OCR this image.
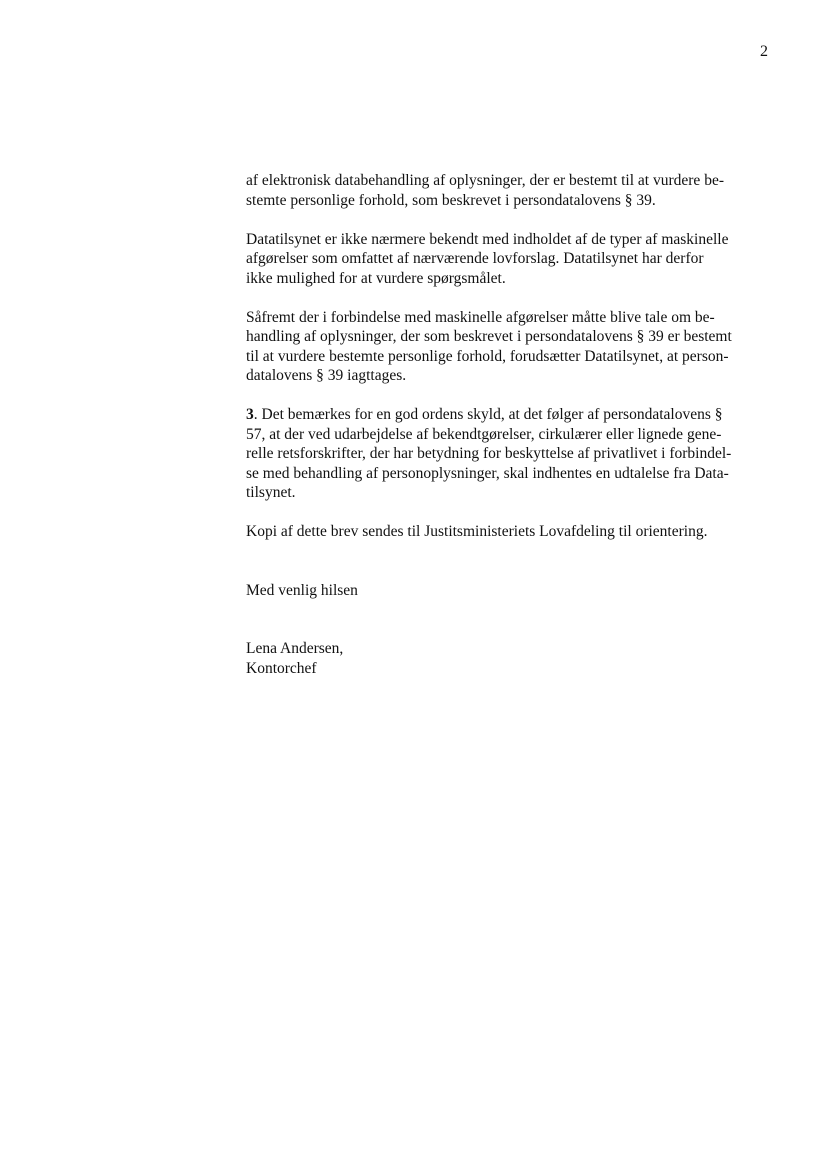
2
af elektronisk databehandling af oplysninger, der er bestemt til at vurdere be-
stemte personlige forhold, som beskrevet i persondatalovens § 39.
Datatilsynet er ikke nærmere bekendt med indholdet af de typer af maskinelle
afgørelser som omfattet af nærværende lovforslag. Datatilsynet har derfor
ikke mulighed for at vurdere spørgsmålet.
Såfremt der i forbindelse med maskinelle afgørelser måtte blive tale om be-
handling af oplysninger, der som beskrevet i persondatalovens § 39 er bestemt
til at vurdere bestemte personlige forhold, forudsætter Datatilsynet, at person-
datalovens § 39 iagttages.
3. Det bemærkes for en god ordens skyld, at det følger af persondatalovens §
57, at der ved udarbejdelse af bekendtgørelser, cirkulærer eller lignede gene-
relle retsforskrifter, der har betydning for beskyttelse af privatlivet i forbindel-
se med behandling af personoplysninger, skal indhentes en udtalelse fra Data-
tilsynet.
Kopi af dette brev sendes til Justitsministeriets Lovafdeling til orientering.
Med venlig hilsen
Lena Andersen,
Kontorchef
